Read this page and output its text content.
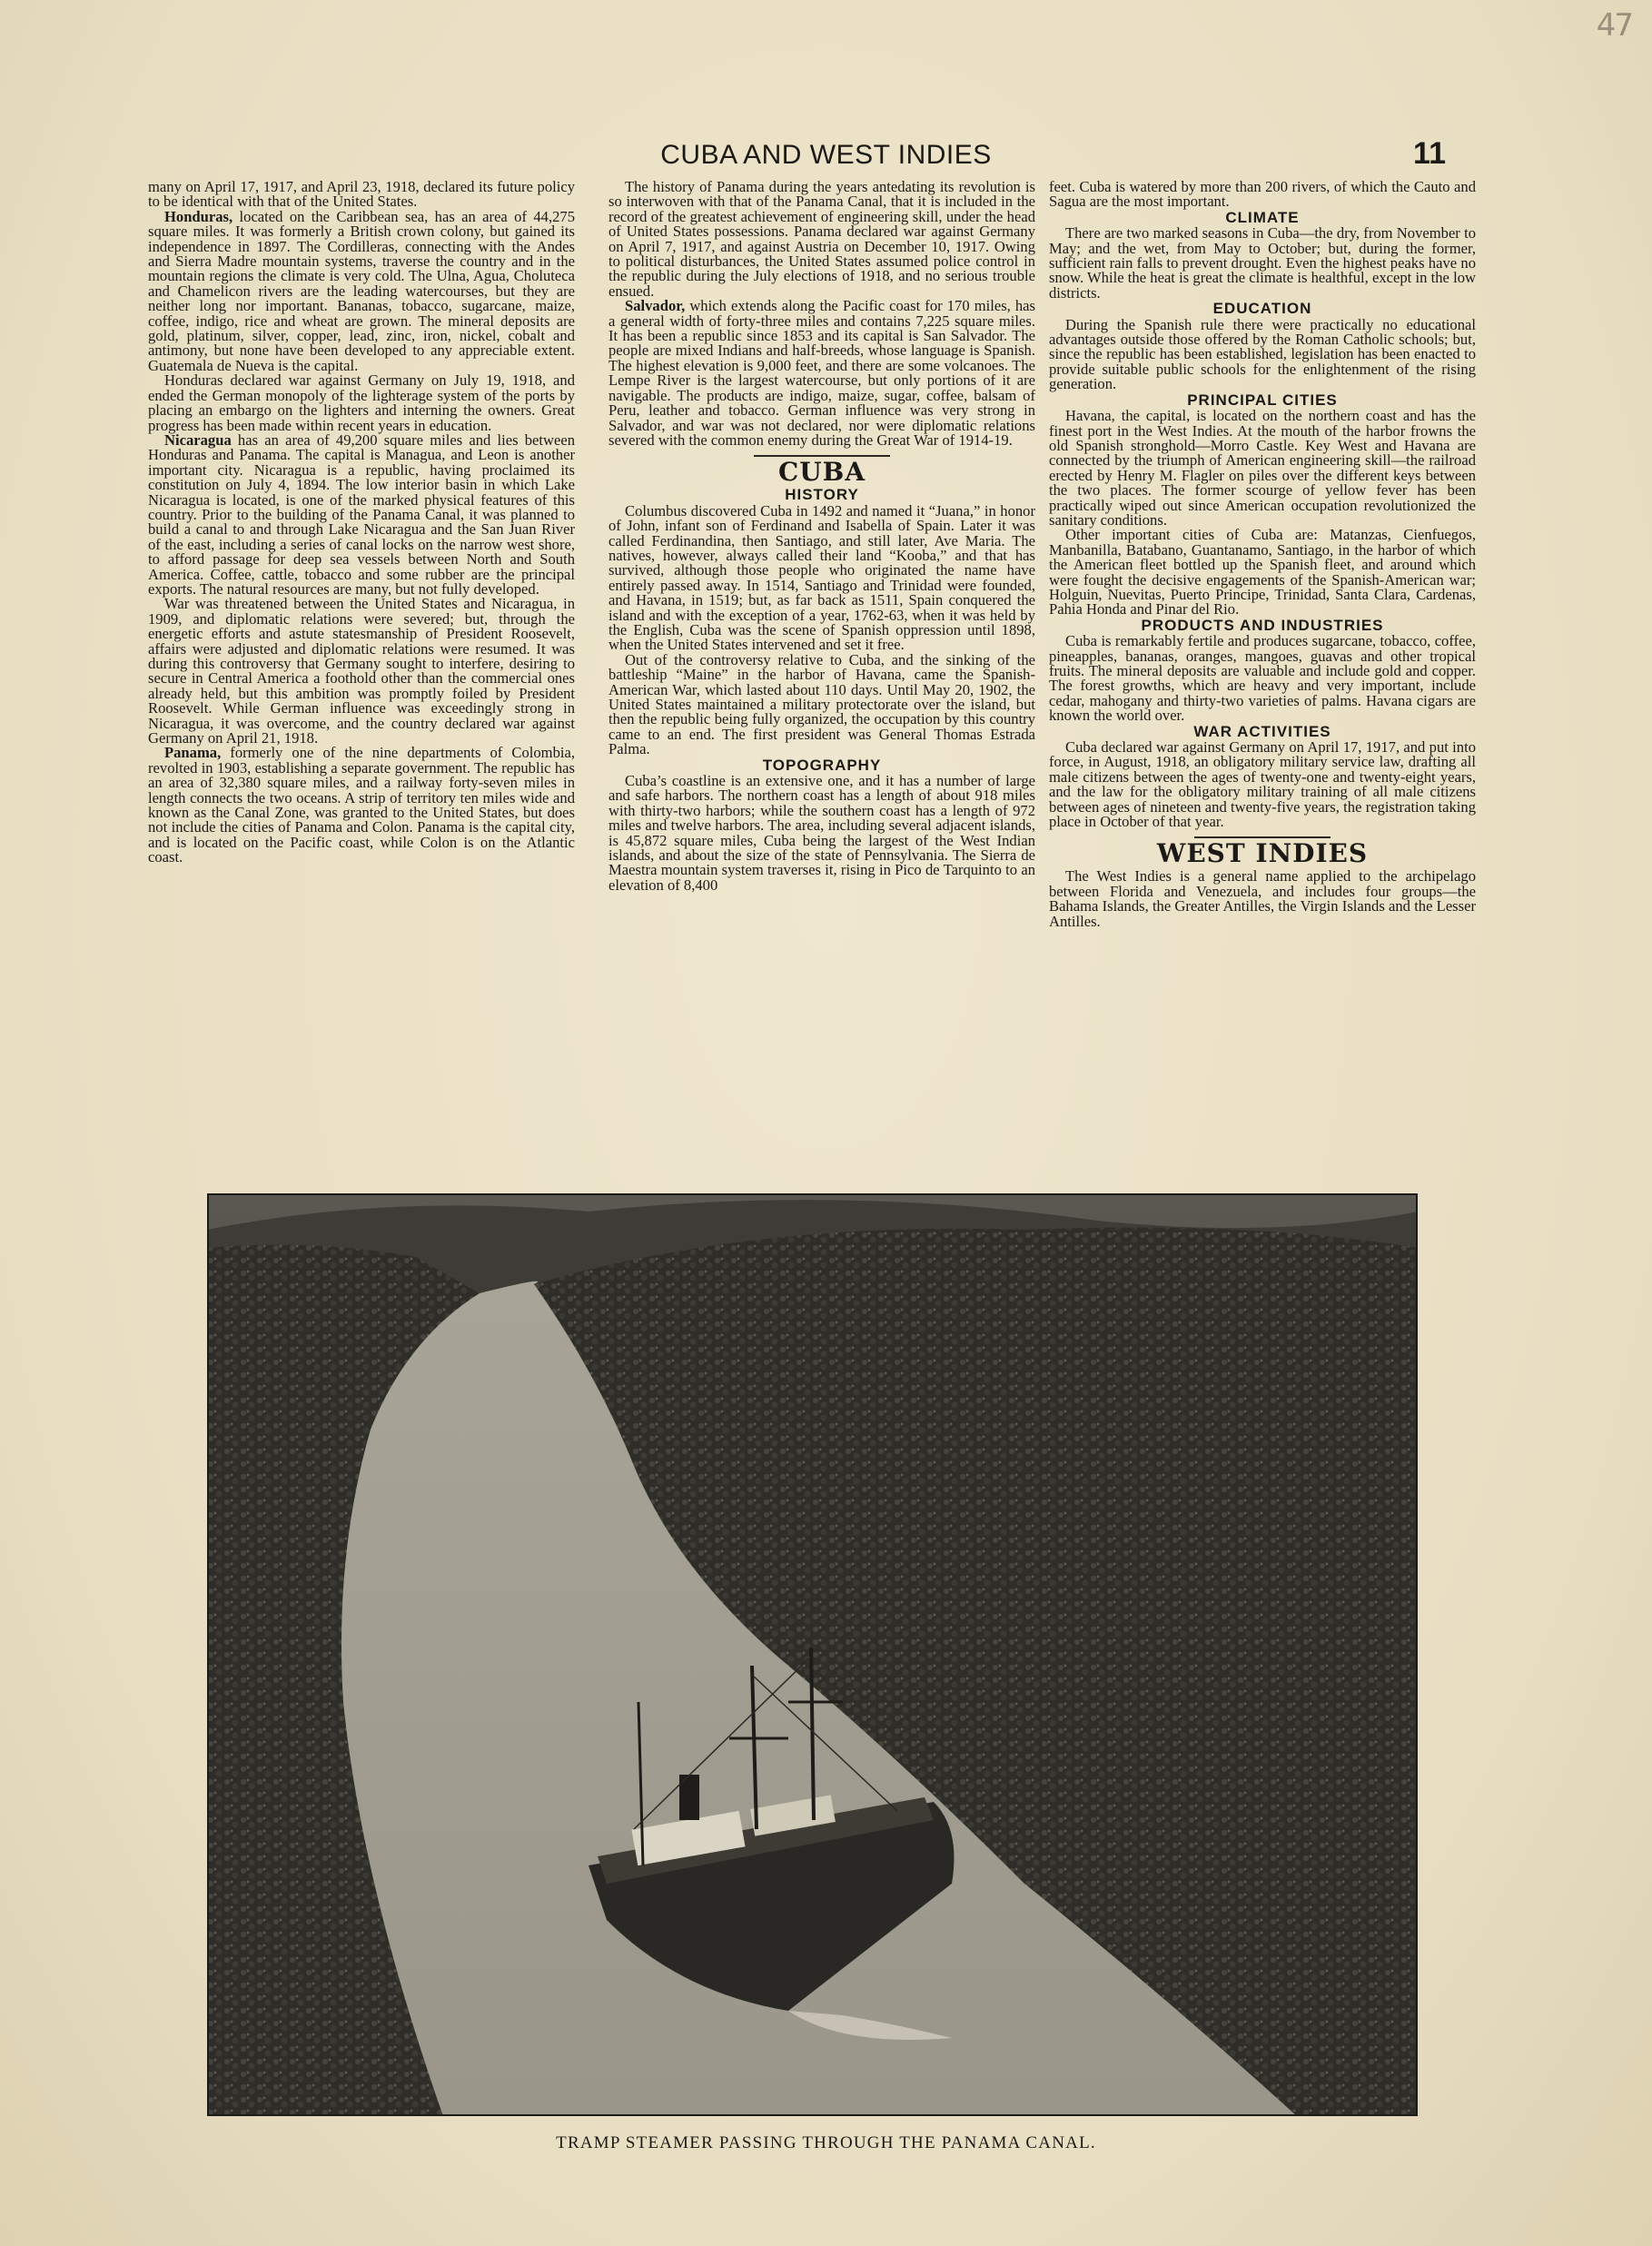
47
CUBA AND WEST INDIES	11

many on April 17, 1917, and April 23, 1918, declared its future policy to be identical with that of the United States.

Honduras, located on the Caribbean sea, has an area of 44,275 square miles. It was formerly a British crown colony, but gained its independence in 1897. The Cordilleras, connecting with the Andes and Sierra Madre mountain systems, traverse the country and in the mountain regions the climate is very cold. The Ulna, Agua, Choluteca and Chamelicon rivers are the leading watercourses, but they are neither long nor important. Bananas, tobacco, sugarcane, maize, coffee, indigo, rice and wheat are grown. The mineral deposits are gold, platinum, silver, copper, lead, zinc, iron, nickel, cobalt and antimony, but none have been developed to any appreciable extent. Guatemala de Nueva is the capital.

Honduras declared war against Germany on July 19, 1918, and ended the German monopoly of the lighterage system of the ports by placing an embargo on the lighters and interning the owners. Great progress has been made within recent years in education.

Nicaragua has an area of 49,200 square miles and lies between Honduras and Panama. The capital is Managua, and Leon is another important city. Nicaragua is a republic, having proclaimed its constitution on July 4, 1894. The low interior basin in which Lake Nicaragua is located, is one of the marked physical features of this country. Prior to the building of the Panama Canal, it was planned to build a canal to and through Lake Nicaragua and the San Juan River of the east, including a series of canal locks on the narrow west shore, to afford passage for deep sea vessels between North and South America. Coffee, cattle, tobacco and some rubber are the principal exports. The natural resources are many, but not fully developed.

War was threatened between the United States and Nicaragua, in 1909, and diplomatic relations were severed; but, through the energetic efforts and astute statesmanship of President Roosevelt, affairs were adjusted and diplomatic relations were resumed. It was during this controversy that Germany sought to interfere, desiring to secure in Central America a foothold other than the commercial ones already held, but this ambition was promptly foiled by President Roosevelt. While German influence was exceedingly strong in Nicaragua, it was overcome, and the country declared war against Germany on April 21, 1918.

Panama, formerly one of the nine departments of Colombia, revolted in 1903, establishing a separate government. The republic has an area of 32,380 square miles, and a railway forty-seven miles in length connects the two oceans. A strip of territory ten miles wide and known as the Canal Zone, was granted to the United States, but does not include the cities of Panama and Colon. Panama is the capital city, and is located on the Pacific coast, while Colon is on the Atlantic coast.

The history of Panama during the years antedating its revolution is so interwoven with that of the Panama Canal, that it is included in the record of the greatest achievement of engineering skill, under the head of United States possessions. Panama declared war against Germany on April 7, 1917, and against Austria on December 10, 1917. Owing to political disturbances, the United States assumed police control in the republic during the July elections of 1918, and no serious trouble ensued.

Salvador, which extends along the Pacific coast for 170 miles, has a general width of forty-three miles and contains 7,225 square miles. It has been a republic since 1853 and its capital is San Salvador. The people are mixed Indians and half-breeds, whose language is Spanish. The highest elevation is 9,000 feet, and there are some volcanoes. The Lempe River is the largest watercourse, but only portions of it are navigable. The products are indigo, maize, sugar, coffee, balsam of Peru, leather and tobacco. German influence was very strong in Salvador, and war was not declared, nor were diplomatic relations severed with the common enemy during the Great War of 1914-19.

CUBA
HISTORY

Columbus discovered Cuba in 1492 and named it “Juana,” in honor of John, infant son of Ferdinand and Isabella of Spain. Later it was called Ferdinandina, then Santiago, and still later, Ave Maria. The natives, however, always called their land “Kooba,” and that has survived, although those people who originated the name have entirely passed away. In 1514, Santiago and Trinidad were founded, and Havana, in 1519; but, as far back as 1511, Spain conquered the island and with the exception of a year, 1762-63, when it was held by the English, Cuba was the scene of Spanish oppression until 1898, when the United States intervened and set it free.

Out of the controversy relative to Cuba, and the sinking of the battleship “Maine” in the harbor of Havana, came the Spanish-American War, which lasted about 110 days. Until May 20, 1902, the United States maintained a military protectorate over the island, but then the republic being fully organized, the occupation by this country came to an end. The first president was General Thomas Estrada Palma.

TOPOGRAPHY

Cuba’s coastline is an extensive one, and it has a number of large and safe harbors. The northern coast has a length of about 918 miles with thirty-two harbors; while the southern coast has a length of 972 miles and twelve harbors. The area, including several adjacent islands, is 45,872 square miles, Cuba being the largest of the West Indian islands, and about the size of the state of Pennsylvania. The Sierra de Maestra mountain system traverses it, rising in Pico de Tarquinto to an elevation of 8,400

feet. Cuba is watered by more than 200 rivers, of which the Cauto and Sagua are the most important.

CLIMATE

There are two marked seasons in Cuba—the dry, from November to May; and the wet, from May to October; but, during the former, sufficient rain falls to prevent drought. Even the highest peaks have no snow. While the heat is great the climate is healthful, except in the low districts.

EDUCATION

During the Spanish rule there were practically no educational advantages outside those offered by the Roman Catholic schools; but, since the republic has been established, legislation has been enacted to provide suitable public schools for the enlightenment of the rising generation.

PRINCIPAL CITIES

Havana, the capital, is located on the northern coast and has the finest port in the West Indies. At the mouth of the harbor frowns the old Spanish stronghold—Morro Castle. Key West and Havana are connected by the triumph of American engineering skill—the railroad erected by Henry M. Flagler on piles over the different keys between the two places. The former scourge of yellow fever has been practically wiped out since American occupation revolutionized the sanitary conditions.

Other important cities of Cuba are: Matanzas, Cienfuegos, Manbanilla, Batabano, Guantanamo, Santiago, in the harbor of which the American fleet bottled up the Spanish fleet, and around which were fought the decisive engagements of the Spanish-American war; Holguin, Nuevitas, Puerto Principe, Trinidad, Santa Clara, Cardenas, Pahia Honda and Pinar del Rio.

PRODUCTS AND INDUSTRIES

Cuba is remarkably fertile and produces sugarcane, tobacco, coffee, pineapples, bananas, oranges, mangoes, guavas and other tropical fruits. The mineral deposits are valuable and include gold and copper. The forest growths, which are heavy and very important, include cedar, mahogany and thirty-two varieties of palms. Havana cigars are known the world over.

WAR ACTIVITIES

Cuba declared war against Germany on April 17, 1917, and put into force, in August, 1918, an obligatory military service law, drafting all male citizens between the ages of twenty-one and twenty-eight years, and the law for the obligatory military training of all male citizens between ages of nineteen and twenty-five years, the registration taking place in October of that year.

WEST INDIES

The West Indies is a general name applied to the archipelago between Florida and Venezuela, and includes four groups—the Bahama Islands, the Greater Antilles, the Virgin Islands and the Lesser Antilles.

TRAMP STEAMER PASSING THROUGH THE PANAMA CANAL.
